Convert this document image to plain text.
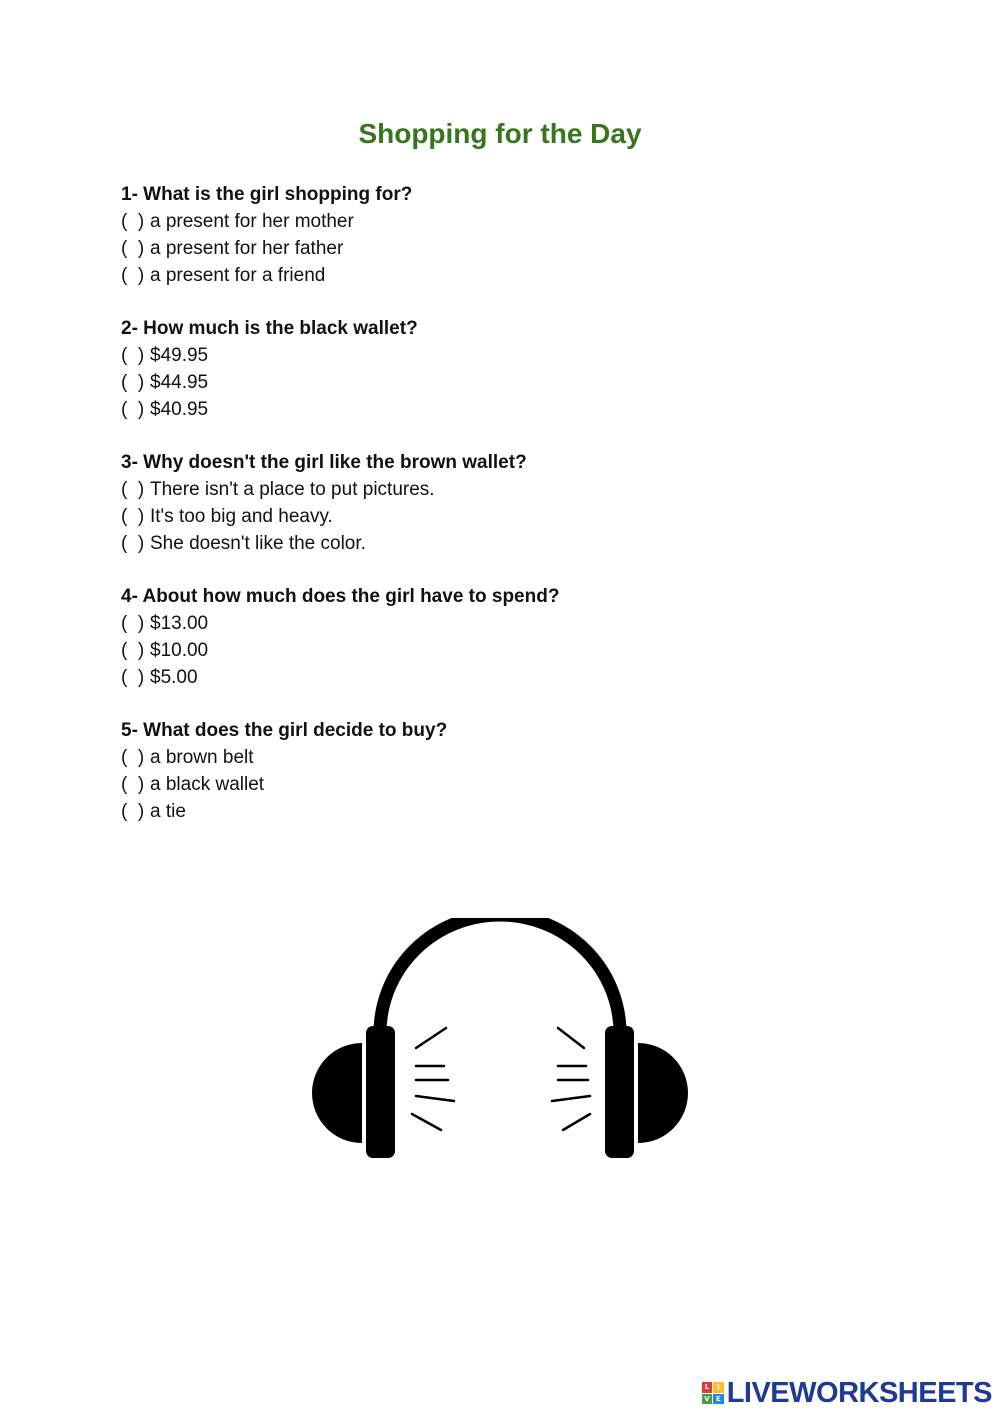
Shopping for the Day
1- What is the girl shopping for?
(  ) a present for her mother
(  ) a present for her father
(  ) a present for a friend
2- How much is the black wallet?
(  ) $49.95
(  ) $44.95
(  ) $40.95
3- Why doesn't the girl like the brown wallet?
(  ) There isn't a place to put pictures.
(  ) It's too big and heavy.
(  ) She doesn't like the color.
4- About how much does the girl have to spend?
(  ) $13.00
(  ) $10.00
(  ) $5.00
5- What does the girl decide to buy?
(  ) a brown belt
(  ) a black wallet
(  ) a tie
L	I
V E LIVEWORKSHEETS
